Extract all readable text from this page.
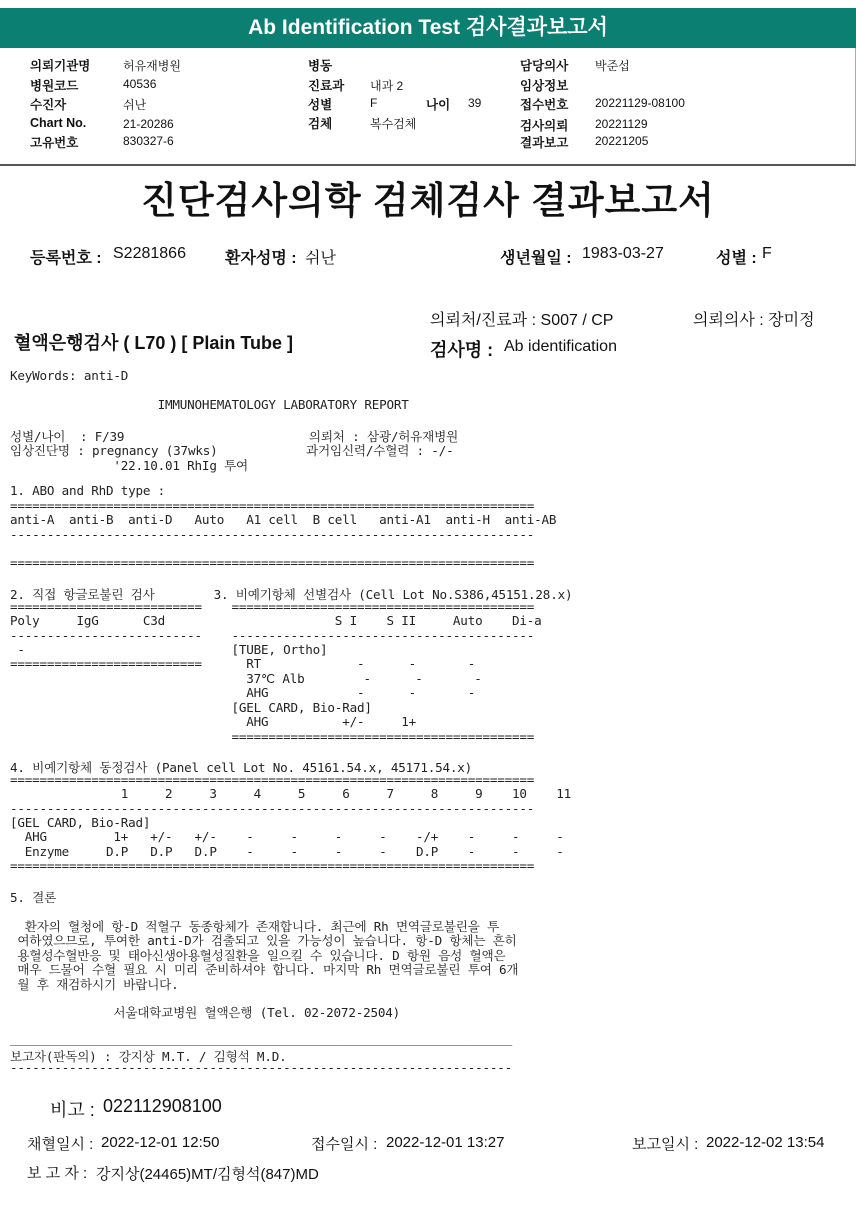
Ab Identification Test 검사결과보고서
의뢰기관명	허유재병원
병원코드	40536
수진자	쉬난
Chart No.	21-20286
고유번호	830327-6
병동
진료과 내과 2
성별	F	나이 39
검체	복수검체
담당의사 박준섭
임상정보
접수번호 20221129-08100
검사의뢰 20221129
결과보고 20221205
진단검사의학 검체검사 결과보고서
등록번호 : S2281866 환자성명 : 쉬난	생년월일 : 1983-03-27	성별 : F
의뢰처/진료과 : S007 / CP	의뢰의사 : 장미정
혈액은행검사 ( L70 ) [ Plain Tube ]	검사명 : Ab identification
KeyWords: anti-D
IMMUNOHEMATOLOGY LABORATORY REPORT
성별/나이  : F/39                         의뢰처 : 삼광/허유재병원
임상진단명 : pregnancy (37wks)            과거임신력/수혈력 : -/-
'22.10.01 RhIg 투여
1. ABO and RhD type :
=======================================================================
anti-A  anti-B  anti-D   Auto   A1 cell  B cell   anti-A1  anti-H  anti-AB
-----------------------------------------------------------------------
=======================================================================
2. 직접 항글로불린 검사        3. 비예기항체 선별검사 (Cell Lot No.S386,45151.28.x)
==========================    =========================================
Poly     IgG      C3d                       S I    S II     Auto    Di-a
--------------------------    -----------------------------------------
-                            [TUBE, Ortho]
==========================      RT             -      -       -
37℃ Alb        -      -       -
AHG            -      -       -
[GEL CARD, Bio-Rad]
AHG          +/-     1+
=========================================
4. 비예기항체 동정검사 (Panel cell Lot No. 45161.54.x, 45171.54.x)
=======================================================================
1     2     3     4     5     6     7     8     9    10    11
-----------------------------------------------------------------------
[GEL CARD, Bio-Rad]
AHG         1+   +/-   +/-    -     -     -     -    -/+    -     -     -
Enzyme     D.P   D.P   D.P    -     -     -     -    D.P    -     -     -
=======================================================================
5. 결론
환자의 혈청에 항-D 적혈구 동종항체가 존재합니다. 최근에 Rh 면역글로불린을 투
여하였으므로, 투여한 anti-D가 검출되고 있을 가능성이 높습니다. 항-D 항체는 흔히
용혈성수혈반응 및 태아신생아용혈성질환을 일으킬 수 있습니다. D 항원 음성 혈액은
매우 드물어 수혈 필요 시 미리 준비하셔야 합니다. 마지막 Rh 면역글로불린 투여 6개
월 후 재검하시기 바랍니다.
서울대학교병원 혈액은행 (Tel. 02-2072-2504)
____________________________________________________________________
보고자(판독의) : 강지상 M.T. / 김형석 M.D.
--------------------------------------------------------------------
비고 : 022112908100
채혈일시 : 2022-12-01 12:50	접수일시 : 2022-12-01 13:27	보고일시 : 2022-12-02 13:54
보 고 자 : 강지상(24465)MT/김형석(847)MD
